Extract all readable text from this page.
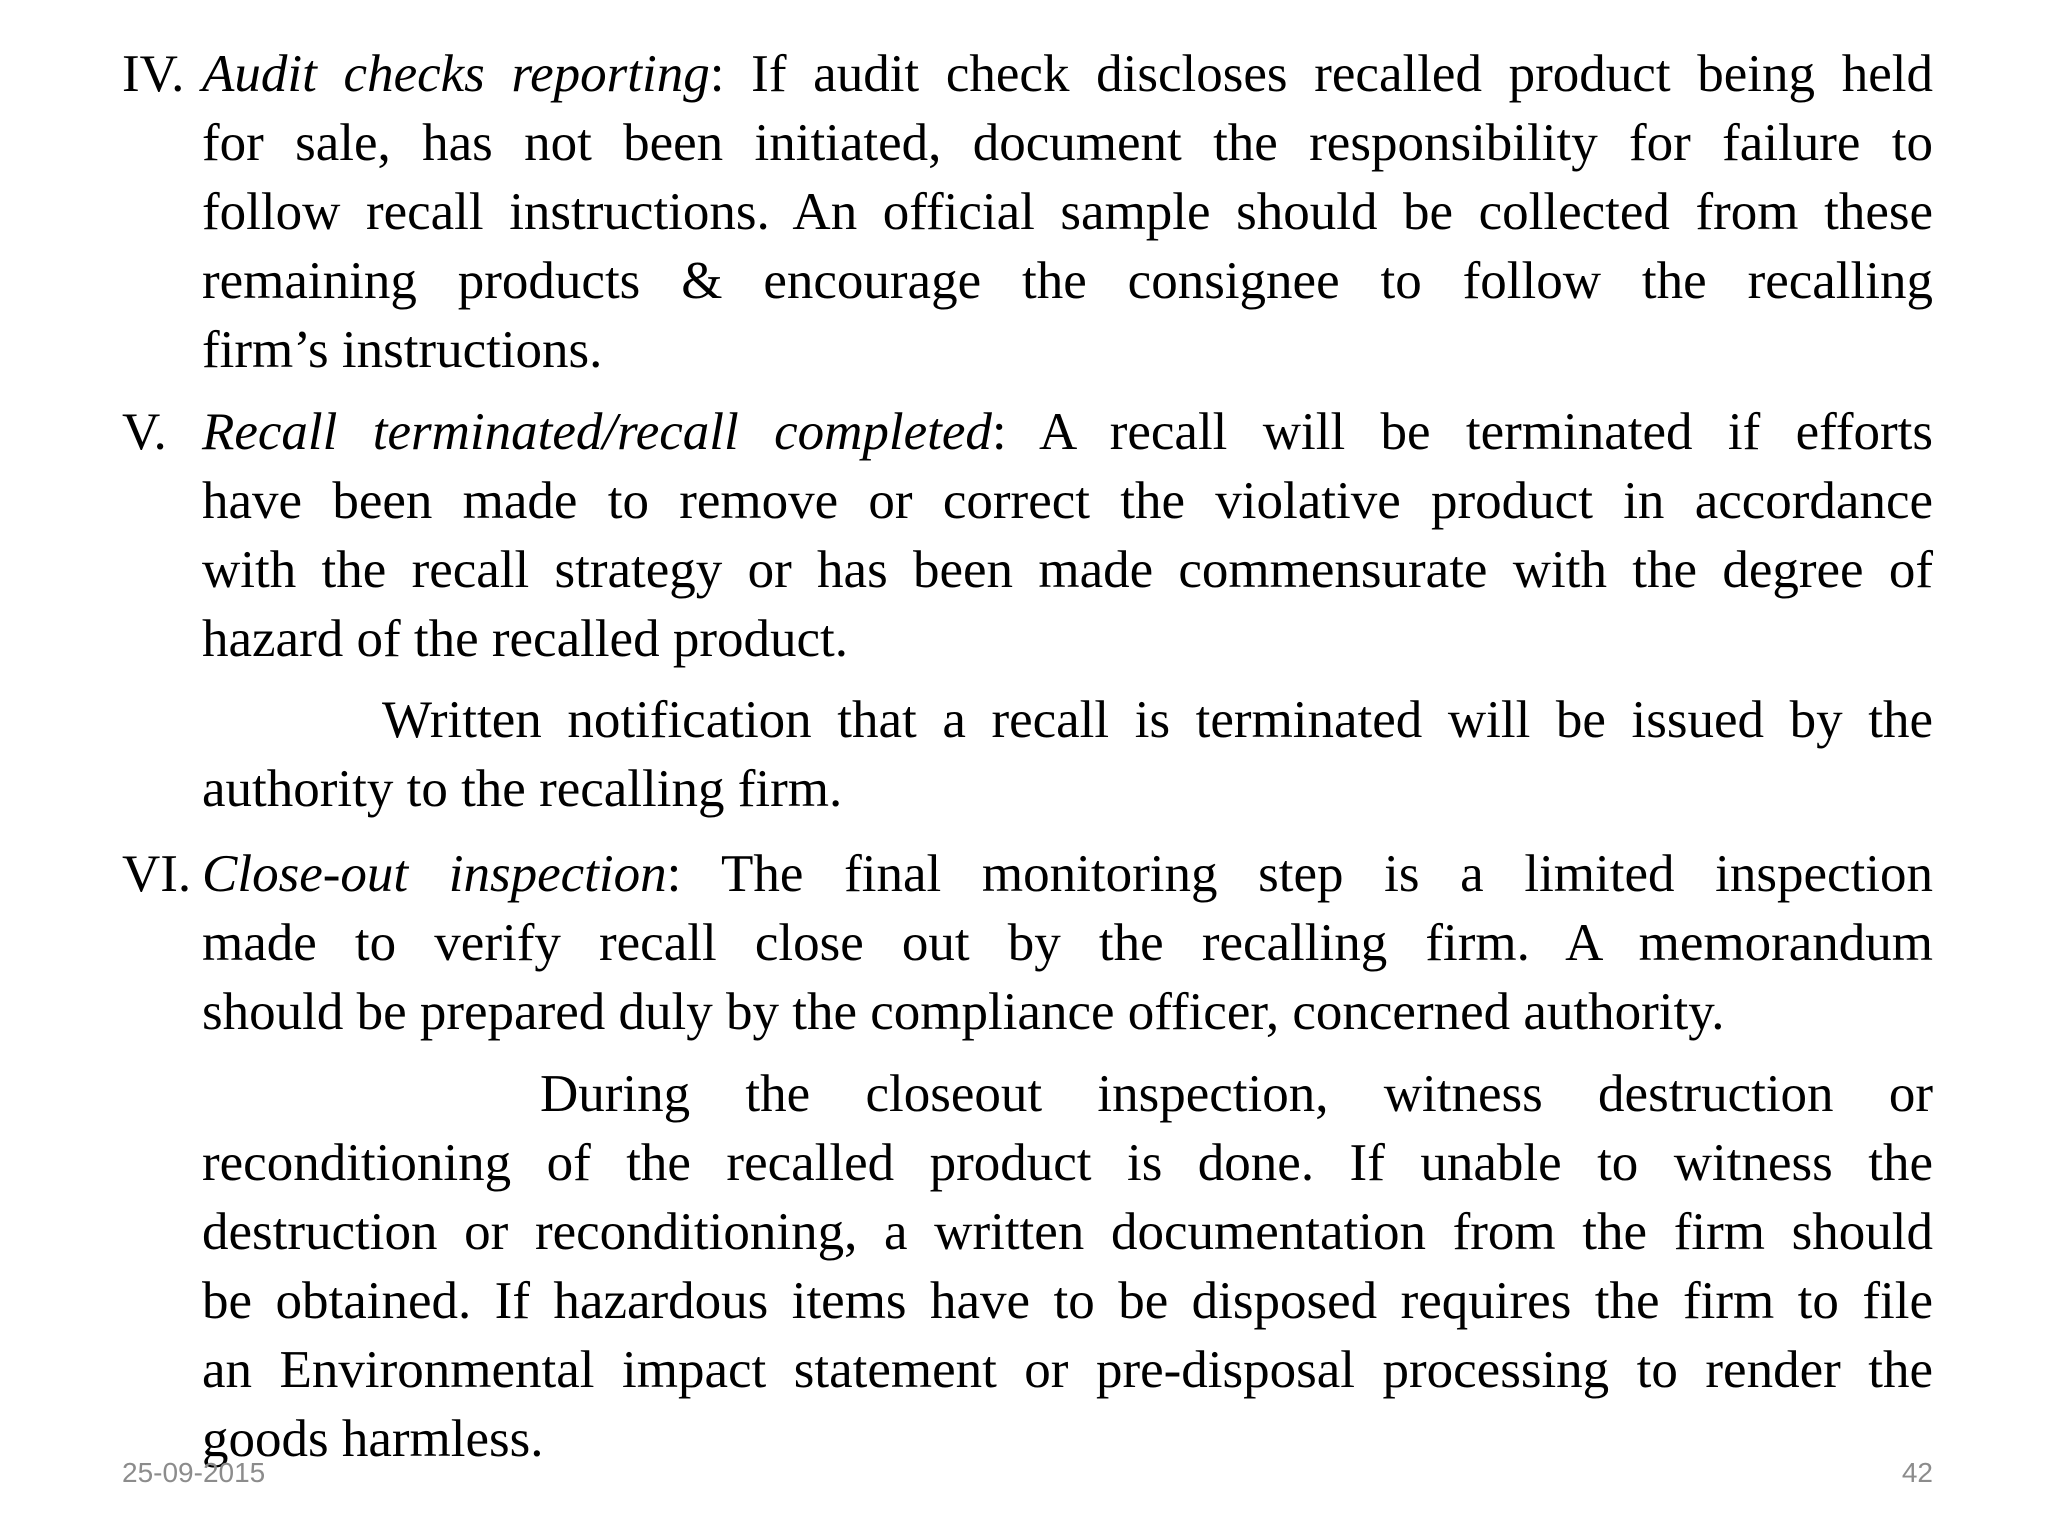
IV. Audit checks reporting: If audit check discloses recalled product being held
for sale, has not been initiated, document the responsibility for failure to
follow recall instructions. An official sample should be collected from these
remaining products & encourage the consignee to follow the recalling
firm’s instructions.
V. Recall terminated/recall completed: A recall will be terminated if efforts
have been made to remove or correct the violative product in accordance
with the recall strategy or has been made commensurate with the degree of
hazard of the recalled product.
Written notification that a recall is terminated will be issued by the
authority to the recalling firm.
VI. Close-out inspection: The final monitoring step is a limited inspection
made to verify recall close out by the recalling firm. A memorandum
should be prepared duly by the compliance officer, concerned authority.
During the closeout inspection, witness destruction or
reconditioning of the recalled product is done. If unable to witness the
destruction or reconditioning, a written documentation from the firm should
be obtained. If hazardous items have to be disposed requires the firm to file
an Environmental impact statement or pre-disposal processing to render the
goods harmless.
25-09-2015	42
